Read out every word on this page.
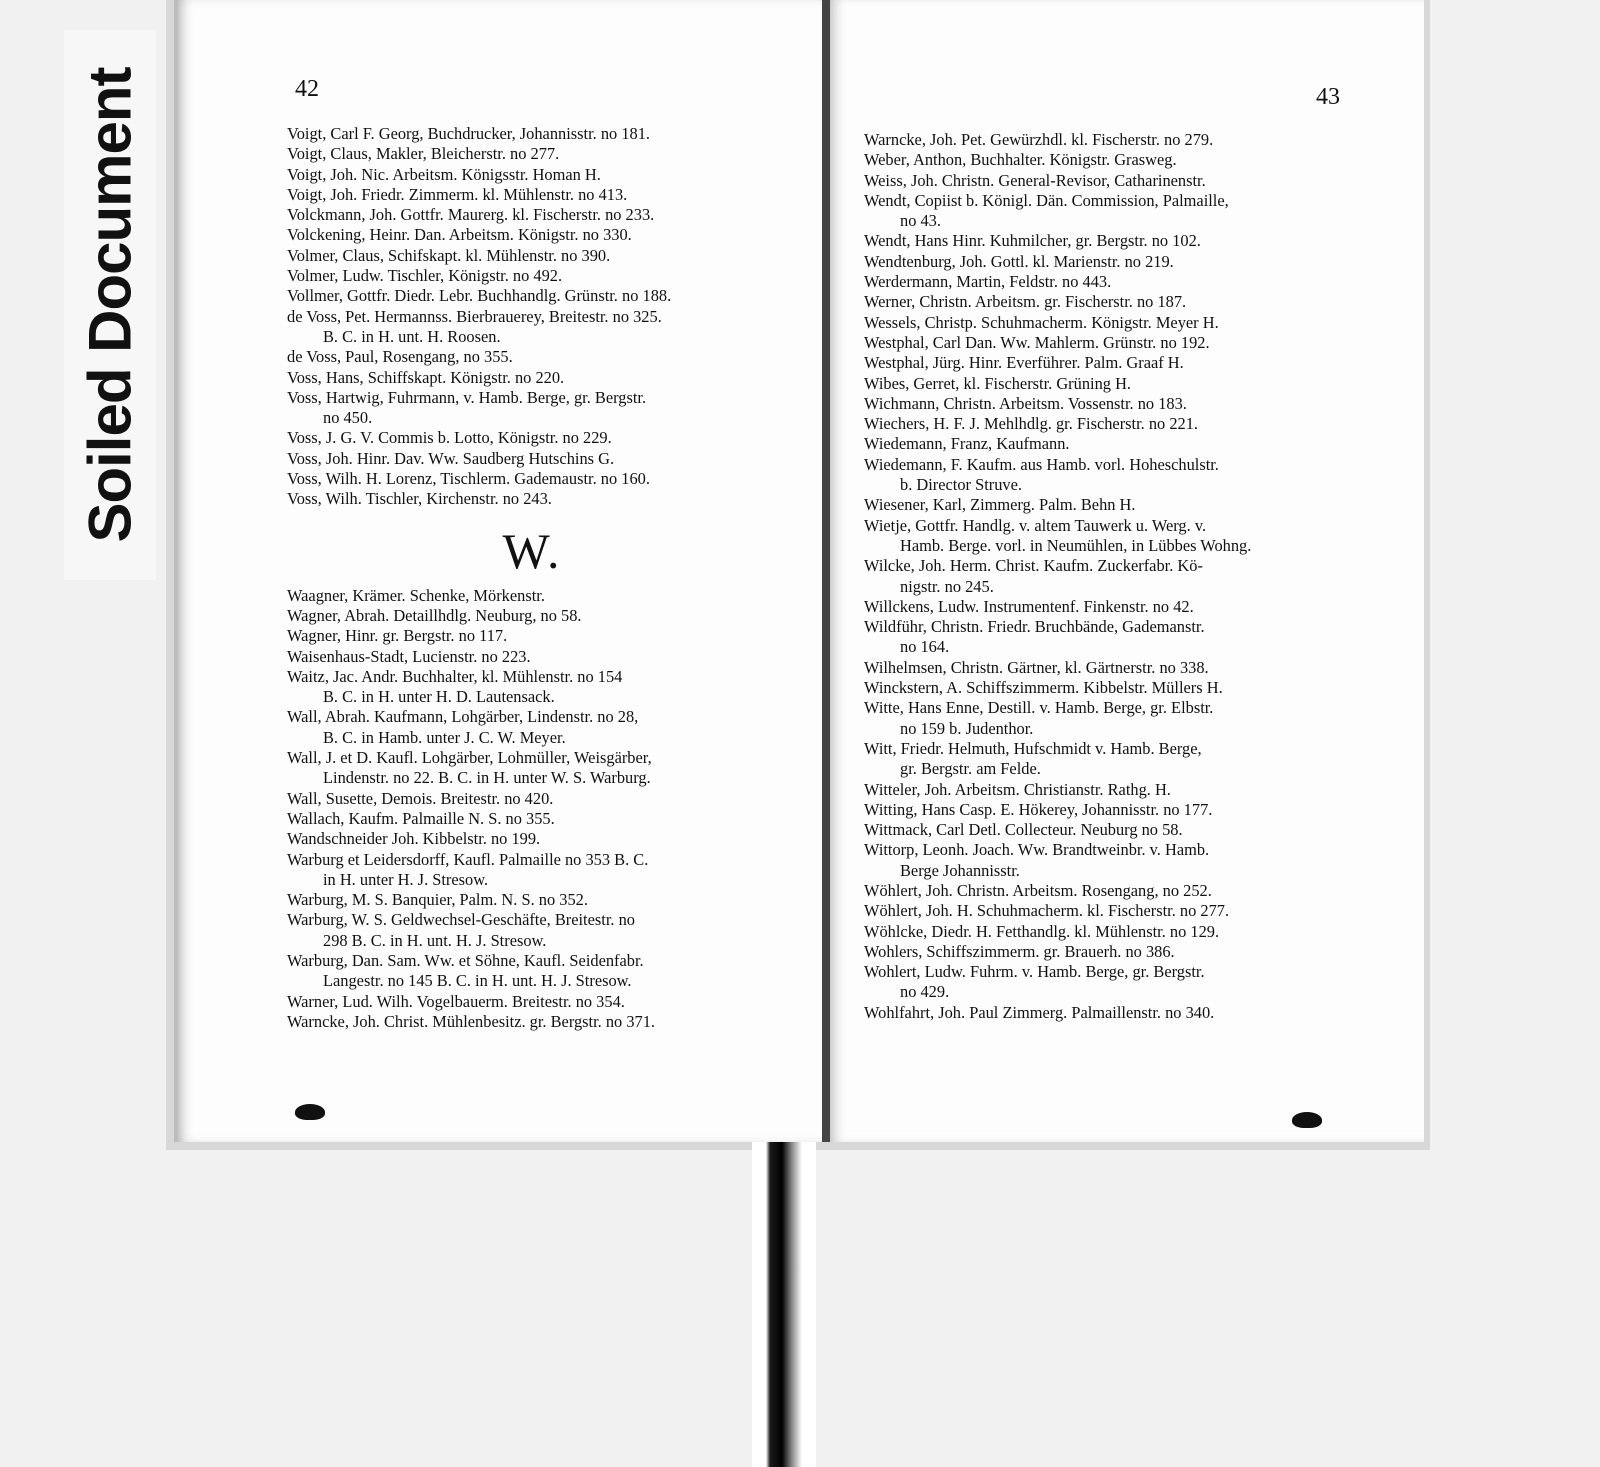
Soiled Document	42
Voigt, Carl F. Georg, Buchdrucker, Johannisstr. no 181.
Voigt, Claus, Makler, Bleicherstr. no 277.
Voigt, Joh. Nic. Arbeitsm. Königsstr. Homan H.
Voigt, Joh. Friedr. Zimmerm. kl. Mühlenstr. no 413.
Volckmann, Joh. Gottfr. Maurerg. kl. Fischerstr. no 233.
Volckening, Heinr. Dan. Arbeitsm. Königstr. no 330.
Volmer, Claus, Schifskapt. kl. Mühlenstr. no 390.
Volmer, Ludw. Tischler, Königstr. no 492.
Vollmer, Gottfr. Diedr. Lebr. Buchhandlg. Grünstr. no 188.
de Voss, Pet. Hermannss. Bierbrauerey, Breitestr. no 325.
B. C. in H. unt. H. Roosen.
de Voss, Paul, Rosengang, no 355.
Voss, Hans, Schiffskapt. Königstr. no 220.
Voss, Hartwig, Fuhrmann, v. Hamb. Berge, gr. Bergstr.
no 450.
Voss, J. G. V. Commis b. Lotto, Königstr. no 229.
Voss, Joh. Hinr. Dav. Ww. Saudberg Hutschins G.
Voss, Wilh. H. Lorenz, Tischlerm. Gademaustr. no 160.
Voss, Wilh. Tischler, Kirchenstr. no 243.
W.
Waagner, Krämer. Schenke, Mörkenstr.
Wagner, Abrah. Detaillhdlg. Neuburg, no 58.
Wagner, Hinr. gr. Bergstr. no 117.
Waisenhaus-Stadt, Lucienstr. no 223.
Waitz, Jac. Andr. Buchhalter, kl. Mühlenstr. no 154
B. C. in H. unter H. D. Lautensack.
Wall, Abrah. Kaufmann, Lohgärber, Lindenstr. no 28,
B. C. in Hamb. unter J. C. W. Meyer.
Wall, J. et D. Kaufl. Lohgärber, Lohmüller, Weisgärber,
Lindenstr. no 22. B. C. in H. unter W. S. Warburg.
Wall, Susette, Demois. Breitestr. no 420.
Wallach, Kaufm. Palmaille N. S. no 355.
Wandschneider Joh. Kibbelstr. no 199.
Warburg et Leidersdorff, Kaufl. Palmaille no 353 B. C.
in H. unter H. J. Stresow.
Warburg, M. S. Banquier, Palm. N. S. no 352.
Warburg, W. S. Geldwechsel-Geschäfte, Breitestr. no
298 B. C. in H. unt. H. J. Stresow.
Warburg, Dan. Sam. Ww. et Söhne, Kaufl. Seidenfabr.
Langestr. no 145 B. C. in H. unt. H. J. Stresow.
Warner, Lud. Wilh. Vogelbauerm. Breitestr. no 354.
Warncke, Joh. Christ. Mühlenbesitz. gr. Bergstr. no 371.
43
Warncke, Joh. Pet. Gewürzhdl. kl. Fischerstr. no 279.
Weber, Anthon, Buchhalter. Königstr. Grasweg.
Weiss, Joh. Christn. General-Revisor, Catharinenstr.
Wendt, Copiist b. Königl. Dän. Commission, Palmaille,
no 43.
Wendt, Hans Hinr. Kuhmilcher, gr. Bergstr. no 102.
Wendtenburg, Joh. Gottl. kl. Marienstr. no 219.
Werdermann, Martin, Feldstr. no 443.
Werner, Christn. Arbeitsm. gr. Fischerstr. no 187.
Wessels, Christp. Schuhmacherm. Königstr. Meyer H.
Westphal, Carl Dan. Ww. Mahlerm. Grünstr. no 192.
Westphal, Jürg. Hinr. Everführer. Palm. Graaf H.
Wibes, Gerret, kl. Fischerstr. Grüning H.
Wichmann, Christn. Arbeitsm. Vossenstr. no 183.
Wiechers, H. F. J. Mehlhdlg. gr. Fischerstr. no 221.
Wiedemann, Franz, Kaufmann.
Wiedemann, F. Kaufm. aus Hamb. vorl. Hoheschulstr.
b. Director Struve.
Wiesener, Karl, Zimmerg. Palm. Behn H.
Wietje, Gottfr. Handlg. v. altem Tauwerk u. Werg. v.
Hamb. Berge. vorl. in Neumühlen, in Lübbes Wohng.
Wilcke, Joh. Herm. Christ. Kaufm. Zuckerfabr. Kö-
nigstr. no 245.
Willckens, Ludw. Instrumentenf. Finkenstr. no 42.
Wildführ, Christn. Friedr. Bruchbände, Gademanstr.
no 164.
Wilhelmsen, Christn. Gärtner, kl. Gärtnerstr. no 338.
Winckstern, A. Schiffszimmerm. Kibbelstr. Müllers H.
Witte, Hans Enne, Destill. v. Hamb. Berge, gr. Elbstr.
no 159 b. Judenthor.
Witt, Friedr. Helmuth, Hufschmidt v. Hamb. Berge,
gr. Bergstr. am Felde.
Witteler, Joh. Arbeitsm. Christianstr. Rathg. H.
Witting, Hans Casp. E. Hökerey, Johannisstr. no 177.
Wittmack, Carl Detl. Collecteur. Neuburg no 58.
Wittorp, Leonh. Joach. Ww. Brandtweinbr. v. Hamb.
Berge Johannisstr.
Wöhlert, Joh. Christn. Arbeitsm. Rosengang, no 252.
Wöhlert, Joh. H. Schuhmacherm. kl. Fischerstr. no 277.
Wöhlcke, Diedr. H. Fetthandlg. kl. Mühlenstr. no 129.
Wohlers, Schiffszimmerm. gr. Brauerh. no 386.
Wohlert, Ludw. Fuhrm. v. Hamb. Berge, gr. Bergstr.
no 429.
Wohlfahrt, Joh. Paul Zimmerg. Palmaillenstr. no 340.
